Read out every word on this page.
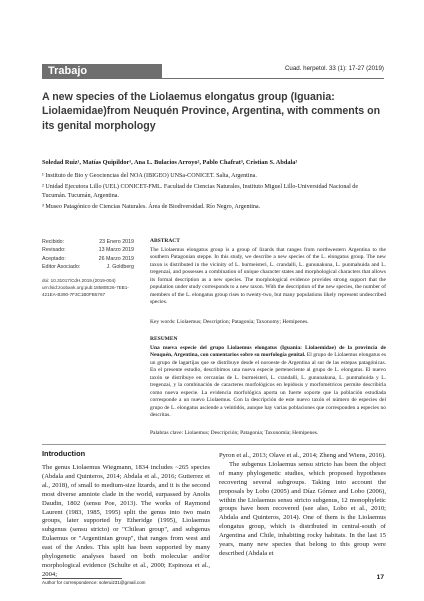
Trabajo	Cuad. herpetol. 33 (1): 17-27 (2019)
A new species of the Liolaemus elongatus group (Iguania: Liolaemidae)from Neuquén Province, Argentina, with comments on its genital morphology
Soledad Ruiz¹, Matías Quipildor¹, Ana L. Bulacios Arroyo², Pablo Chafrat³, Cristian S. Abdala²
¹ Instituto de Bio y Geociencias del NOA (IBIGEO) UNSa-CONICET. Salta, Argentina.
² Unidad Ejecutora Lillo (UEL) CONICET-FML. Facultad de Ciencias Naturales, Instituto Miguel Lillo-Universidad Nacional de Tucumán. Tucumán, Argentina.
³ Museo Patagónico de Ciencias Naturales. Área de Biodiversidad. Río Negro, Argentina.
Recibido:	23 Enero 2019
Revisado:	13 Marzo 2019
Aceptado:	26 Marzo 2019
Editor Asociado:	J. Goldberg
doi: 10.31017/CdH.2019.(2019-004)
urn:lsid:zoobank.org:pub:18580E26-7EB1-421EA-B390-7F3C1B0FB5767
ABSTRACT
The Liolaemus elongatus group is a group of lizards that ranges from northwestern Argentina to the southern Patagonian steppe. In this study, we describe a new species of the L. elongatus group. The new taxon is distributed in the vicinity of L. burmeisteri, L. crandalli, L. gununakuna, L. punmahuida and L. tregenzai, and possesses a combination of unique character states and morphological characters that allows its formal description as a new species. The morphological evidence provides strong support that the population under study corresponds to a new taxon. With the description of the new species, the number of members of the L. elongatus group rises to twenty-two, but many populations likely represent undescribed species.
Key words: Liolaemus; Description; Patagonia; Taxonomy; Hemipenes.
RESUMEN
Una nueva especie del grupo Liolaemus elongatus (Iguania: Liolaemidae) de la provincia de Neuquén, Argentina, con comentarios sobre su morfología genital. El grupo de Liolaemus elongatus es un grupo de lagartijas que se distribuye desde el noroeste de Argentina al sur de las estepas patagónicas. En el presente estudio, describimos una nueva especie perteneciente al grupo de L. elongatus. El nuevo taxón se distribuye en cercanías de L. burmeisteri, L. crandalli, L. gununakuna, L. punmahuida y L. tregenzai, y la combinación de caracteres morfológicos en lepidosis y morfométricos permite describirla como nueva especie. La evidencia morfológica aporta un fuerte soporte que la población estudiada corresponde a un nuevo Liolaemus. Con la descripción de este nuevo taxón el número de especies del grupo de L. elongatus asciende a veintidós, aunque hay varias poblaciones que corresponden a especies no descritas.
Palabras clave: Liolaemus; Descripción; Patagonia; Taxonomía; Hemipenes.
Introduction
The genus Liolaemus Wiegmann, 1834 includes ~265 species (Abdala and Quinteros, 2014; Abdala et al., 2016; Gutierrez et al., 2018), of small to medium-size lizards, and it is the second most diverse amniote clade in the world, surpassed by Anolis Daudin, 1802 (sensu Poe, 2013). The works of Raymond Laurent (1983, 1985, 1995) split the genus into two main groups, later supported by Etheridge (1995), Liolaemus subgenus (sensu stricto) or "Chilean group", and subgenus Eulaemus or "Argentinian group", that ranges from west and east of the Andes. This split has been supported by many phylogenetic analyses based on both molecular and/or morphological evidence (Schulte et al., 2000; Espinoza et al., 2004;
Pyron et al., 2013; Olave et al., 2014; Zheng and Wiens, 2016).
The subgenus Liolaemus sensu stricto has been the object of many phylogenetic studies, which proposed hypotheses recovering several subgroups. Taking into account the proposals by Lobo (2005) and Díaz Gómez and Lobo (2006), within the Liolaemus sensu stricto subgenus, 12 monophyletic groups have been recovered (see also, Lobo et al., 2010; Abdala and Quinteros, 2014). One of them is the Liolaemus elongatus group, which is distributed in central-south of Argentina and Chile, inhabiting rocky habitats. In the last 15 years, many new species that belong to this group were described (Abdala et
Author for correspondence: soleruiz31@gmail.com
17
